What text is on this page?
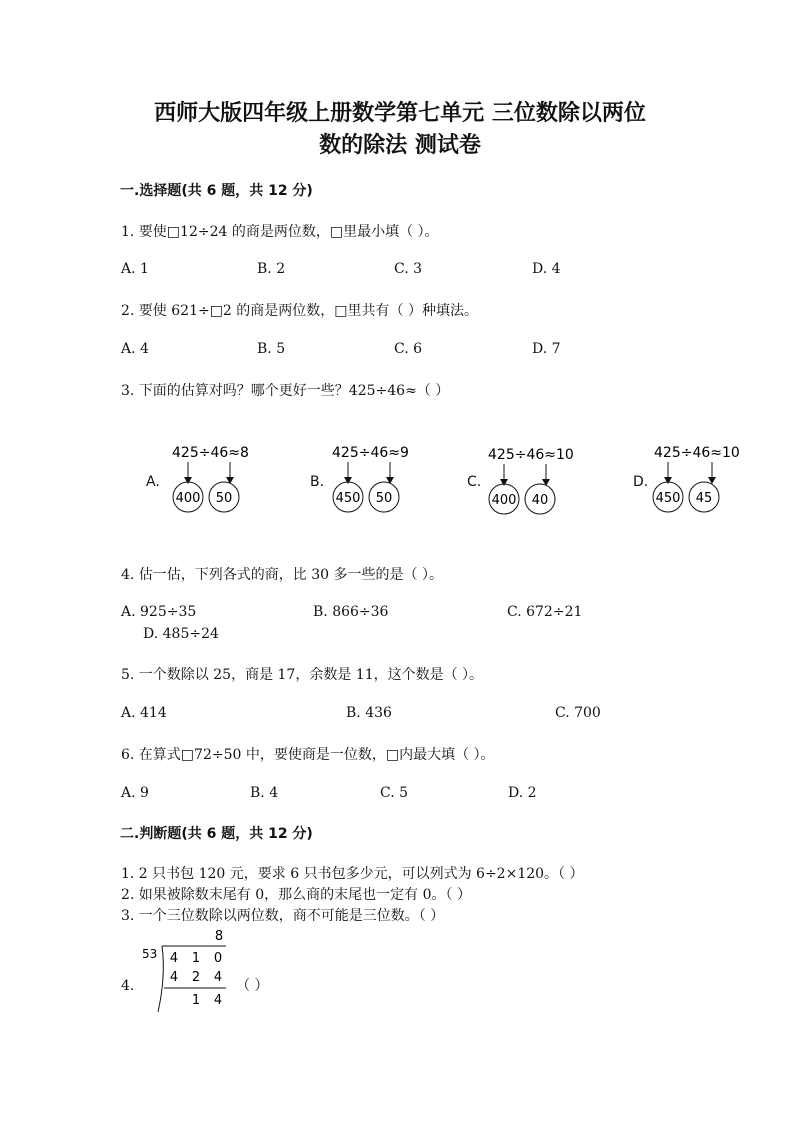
西师大版四年级上册数学第七单元 三位数除以两位
数的除法 测试卷
一.选择题(共 6 题，共 12 分)
1. 要使□12÷24 的商是两位数，□里最小填（ ）。
A. 1	B. 2	C. 3	D. 4
2. 要使 621÷□2 的商是两位数，□里共有（ ）种填法。
A. 4	B. 5	C. 6	D. 7
3. 下面的估算对吗？哪个更好一些？425÷46≈（ ）
A.
425÷46≈8
400 50
B.
425÷46≈9
450 50
C.
425÷46≈10
400 40
D.
425÷46≈10
450 45
4. 估一估，下列各式的商，比 30 多一些的是（ ）。
A. 925÷35	B. 866÷36	C. 672÷21
D. 485÷24
5. 一个数除以 25，商是 17，余数是 11，这个数是（ ）。
A. 414	B. 436	C. 700
6. 在算式□72÷50 中，要使商是一位数，□内最大填（ ）。
A. 9	B. 4	C. 5	D. 2
二.判断题(共 6 题，共 12 分)
1. 2 只书包 120 元，要求 6 只书包多少元，可以列式为 6÷2×120。（ ）
2. 如果被除数末尾有 0，那么商的末尾也一定有 0。（ ）
3. 一个三位数除以两位数，商不可能是三位数。（ ）
4.	（ ）
53
8
4 1 0
4 2 4
1 4
